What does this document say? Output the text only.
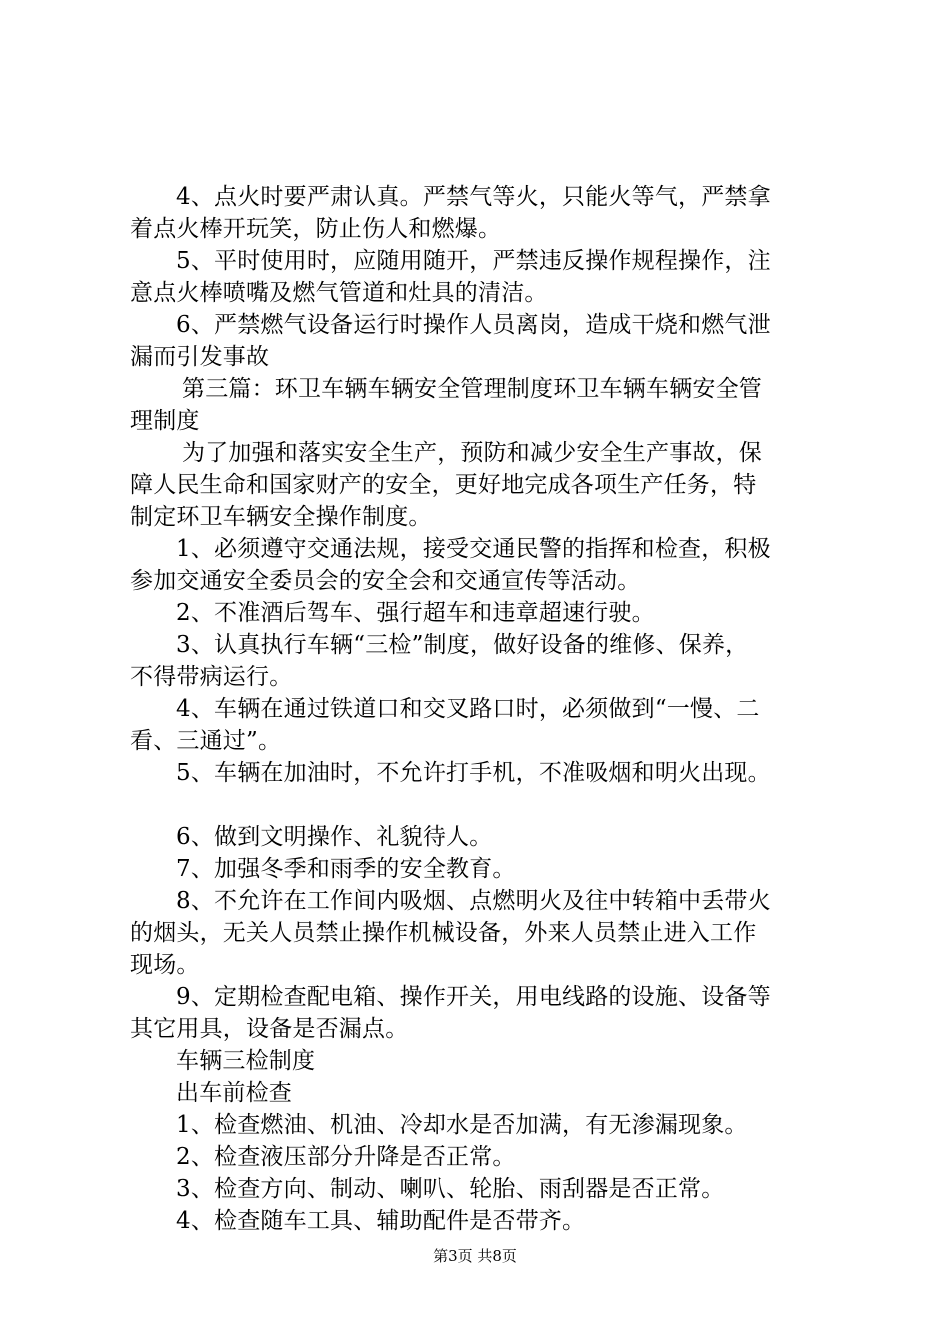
4、点火时要严肃认真。严禁气等火，只能火等气，严禁拿
着点火棒开玩笑，防止伤人和燃爆。
5、平时使用时，应随用随开，严禁违反操作规程操作，注
意点火棒喷嘴及燃气管道和灶具的清洁。
6、严禁燃气设备运行时操作人员离岗，造成干烧和燃气泄
漏而引发事故
第三篇：环卫车辆车辆安全管理制度环卫车辆车辆安全管
理制度
为了加强和落实安全生产，预防和减少安全生产事故，保
障人民生命和国家财产的安全，更好地完成各项生产任务，特
制定环卫车辆安全操作制度。
1、必须遵守交通法规，接受交通民警的指挥和检查，积极
参加交通安全委员会的安全会和交通宣传等活动。
2、不准酒后驾车、强行超车和违章超速行驶。
3、认真执行车辆“三检”制度，做好设备的维修、保养，
不得带病运行。
4、车辆在通过铁道口和交叉路口时，必须做到“一慢、二
看、三通过”。
5、车辆在加油时，不允许打手机，不准吸烟和明火出现。
6、做到文明操作、礼貌待人。
7、加强冬季和雨季的安全教育。
8、不允许在工作间内吸烟、点燃明火及往中转箱中丢带火
的烟头，无关人员禁止操作机械设备，外来人员禁止进入工作
现场。
9、定期检查配电箱、操作开关，用电线路的设施、设备等
其它用具，设备是否漏点。
车辆三检制度
出车前检查
1、检查燃油、机油、冷却水是否加满，有无渗漏现象。
2、检查液压部分升降是否正常。
3、检查方向、制动、喇叭、轮胎、雨刮器是否正常。
4、检查随车工具、辅助配件是否带齐。
第3页 共8页
